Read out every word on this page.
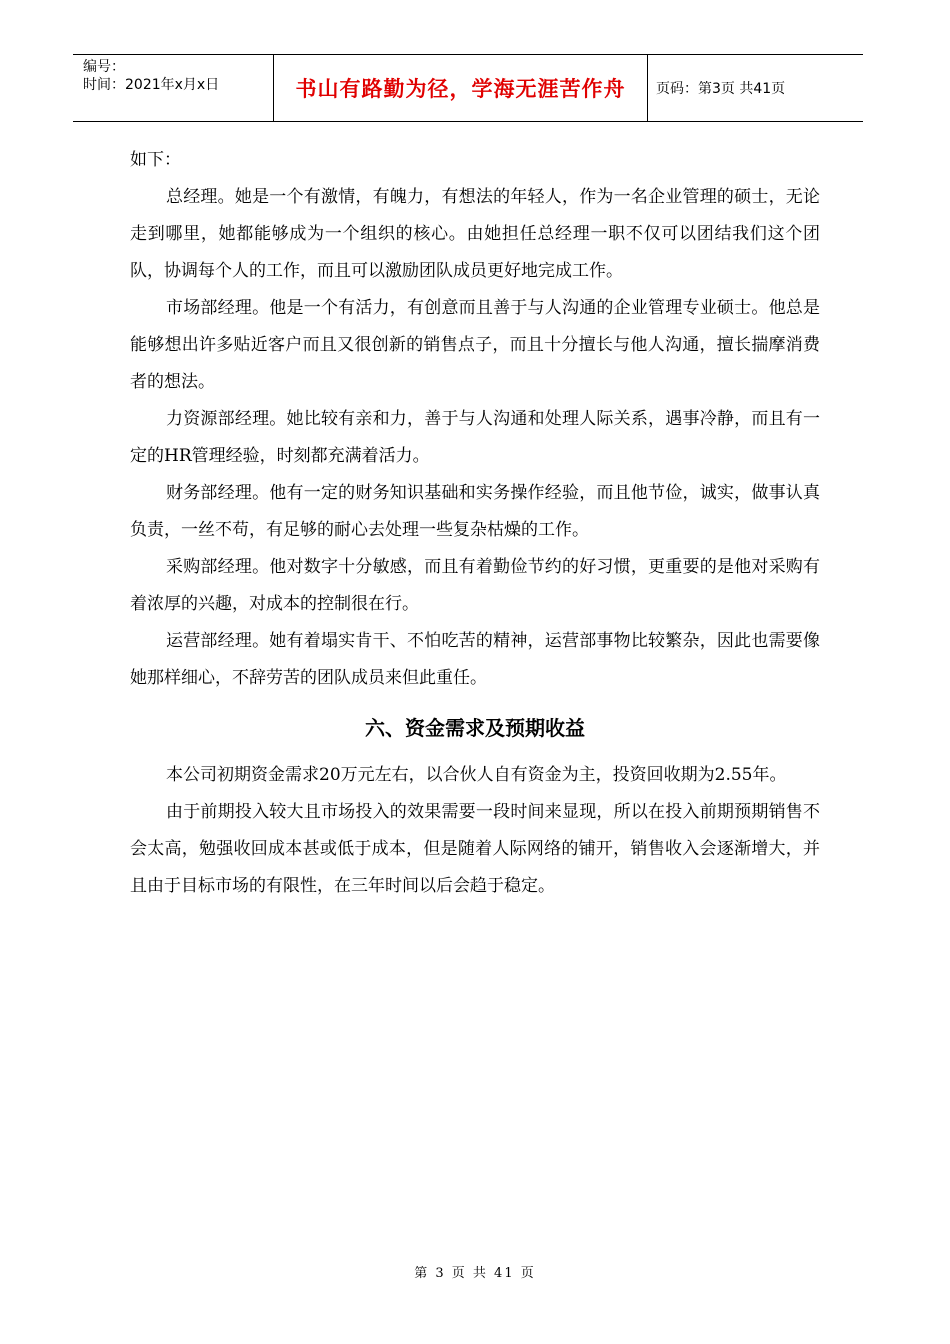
编号：
时间：2021年x月x日	书山有路勤为径，学海无涯苦作舟	页码：第3页 共41页

如下：

总经理。她是一个有激情，有魄力，有想法的年轻人，作为一名企业管理的硕士，无论走到哪里，她都能够成为一个组织的核心。由她担任总经理一职不仅可以团结我们这个团队，协调每个人的工作，而且可以激励团队成员更好地完成工作。

市场部经理。他是一个有活力，有创意而且善于与人沟通的企业管理专业硕士。他总是能够想出许多贴近客户而且又很创新的销售点子，而且十分擅长与他人沟通，擅长揣摩消费者的想法。

力资源部经理。她比较有亲和力，善于与人沟通和处理人际关系，遇事冷静，而且有一定的HR管理经验，时刻都充满着活力。

财务部经理。他有一定的财务知识基础和实务操作经验，而且他节俭，诚实，做事认真负责，一丝不苟，有足够的耐心去处理一些复杂枯燥的工作。

采购部经理。他对数字十分敏感，而且有着勤俭节约的好习惯，更重要的是他对采购有着浓厚的兴趣，对成本的控制很在行。

运营部经理。她有着塌实肯干、不怕吃苦的精神，运营部事物比较繁杂，因此也需要像她那样细心，不辞劳苦的团队成员来但此重任。

六、资金需求及预期收益

本公司初期资金需求20万元左右，以合伙人自有资金为主，投资回收期为2.55年。

由于前期投入较大且市场投入的效果需要一段时间来显现，所以在投入前期预期销售不会太高，勉强收回成本甚或低于成本，但是随着人际网络的铺开，销售收入会逐渐增大，并且由于目标市场的有限性，在三年时间以后会趋于稳定。

第 3 页 共 41 页
